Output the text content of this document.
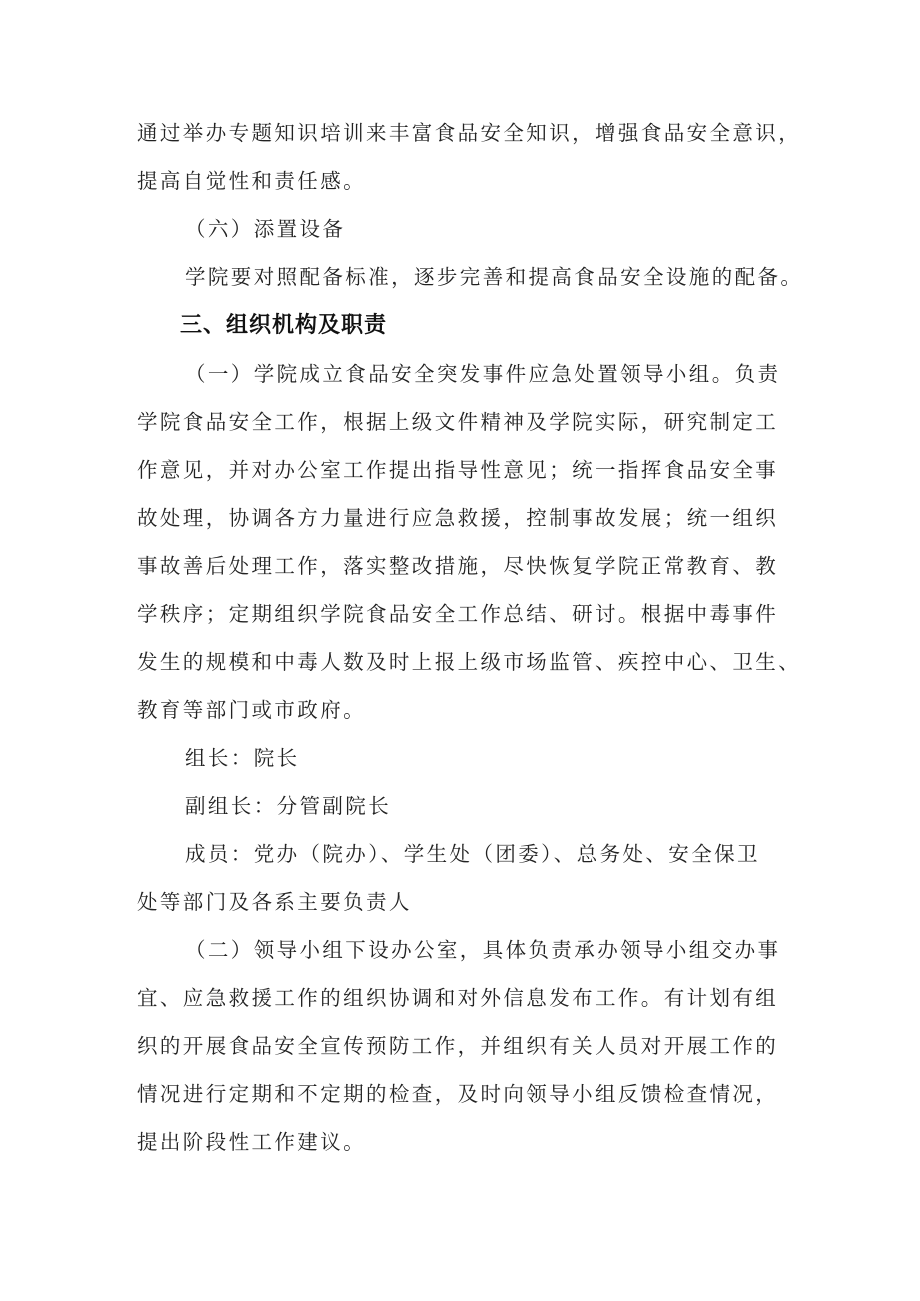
通过举办专题知识培训来丰富食品安全知识，增强食品安全意识，
提高自觉性和责任感。
（六）添置设备
学院要对照配备标准，逐步完善和提高食品安全设施的配备。
三、组织机构及职责
（一）学院成立食品安全突发事件应急处置领导小组。负责
学院食品安全工作，根据上级文件精神及学院实际，研究制定工
作意见，并对办公室工作提出指导性意见；统一指挥食品安全事
故处理，协调各方力量进行应急救援，控制事故发展；统一组织
事故善后处理工作，落实整改措施，尽快恢复学院正常教育、教
学秩序；定期组织学院食品安全工作总结、研讨。根据中毒事件
发生的规模和中毒人数及时上报上级市场监管、疾控中心、卫生、
教育等部门或市政府。
组长：院长
副组长：分管副院长
成员：党办（院办）、学生处（团委）、总务处、安全保卫
处等部门及各系主要负责人
（二）领导小组下设办公室，具体负责承办领导小组交办事
宜、应急救援工作的组织协调和对外信息发布工作。有计划有组
织的开展食品安全宣传预防工作，并组织有关人员对开展工作的
情况进行定期和不定期的检查，及时向领导小组反馈检查情况，
提出阶段性工作建议。
